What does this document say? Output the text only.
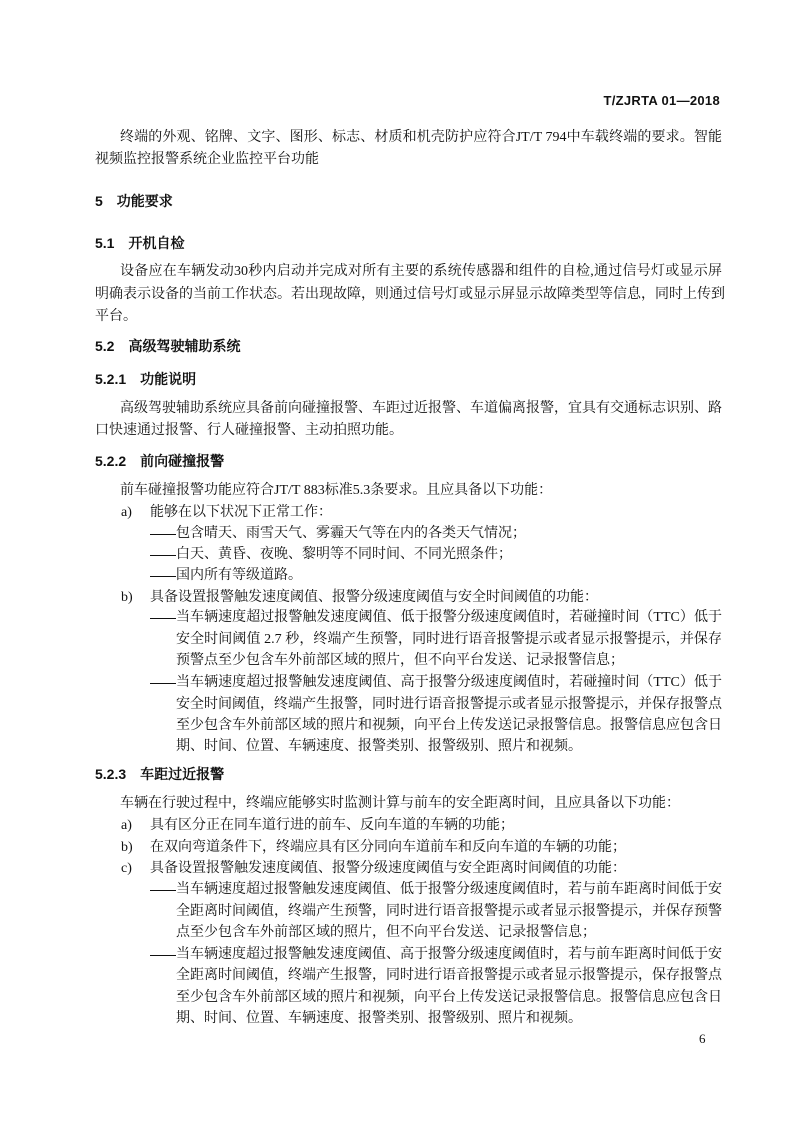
T/ZJRTA 01—2018
终端的外观、铭牌、文字、图形、标志、材质和机壳防护应符合JT/T 794中车载终端的要求。智能
视频监控报警系统企业监控平台功能
5 功能要求
5.1 开机自检
设备应在车辆发动30秒内启动并完成对所有主要的系统传感器和组件的自检,通过信号灯或显示屏
明确表示设备的当前工作状态。若出现故障，则通过信号灯或显示屏显示故障类型等信息，同时上传到
平台。
5.2 高级驾驶辅助系统
5.2.1 功能说明
高级驾驶辅助系统应具备前向碰撞报警、车距过近报警、车道偏离报警，宜具有交通标志识别、路
口快速通过报警、行人碰撞报警、主动拍照功能。
5.2.2 前向碰撞报警
前车碰撞报警功能应符合JT/T 883标准5.3条要求。且应具备以下功能：
a) 能够在以下状况下正常工作：
包含晴天、雨雪天气、雾霾天气等在内的各类天气情况；
白天、黄昏、夜晚、黎明等不同时间、不同光照条件；
国内所有等级道路。
b) 具备设置报警触发速度阈值、报警分级速度阈值与安全时间阈值的功能：
当车辆速度超过报警触发速度阈值、低于报警分级速度阈值时，若碰撞时间（TTC）低于
安全时间阈值 2.7 秒，终端产生预警，同时进行语音报警提示或者显示报警提示，并保存
预警点至少包含车外前部区域的照片，但不向平台发送、记录报警信息；
当车辆速度超过报警触发速度阈值、高于报警分级速度阈值时，若碰撞时间（TTC）低于
安全时间阈值，终端产生报警，同时进行语音报警提示或者显示报警提示，并保存报警点
至少包含车外前部区域的照片和视频，向平台上传发送记录报警信息。报警信息应包含日
期、时间、位置、车辆速度、报警类别、报警级别、照片和视频。
5.2.3 车距过近报警
车辆在行驶过程中，终端应能够实时监测计算与前车的安全距离时间，且应具备以下功能：
a) 具有区分正在同车道行进的前车、反向车道的车辆的功能；
b) 在双向弯道条件下，终端应具有区分同向车道前车和反向车道的车辆的功能；
c) 具备设置报警触发速度阈值、报警分级速度阈值与安全距离时间阈值的功能：
当车辆速度超过报警触发速度阈值、低于报警分级速度阈值时，若与前车距离时间低于安
全距离时间阈值，终端产生预警，同时进行语音报警提示或者显示报警提示，并保存预警
点至少包含车外前部区域的照片，但不向平台发送、记录报警信息；
当车辆速度超过报警触发速度阈值、高于报警分级速度阈值时，若与前车距离时间低于安
全距离时间阈值，终端产生报警，同时进行语音报警提示或者显示报警提示，保存报警点
至少包含车外前部区域的照片和视频，向平台上传发送记录报警信息。报警信息应包含日
期、时间、位置、车辆速度、报警类别、报警级别、照片和视频。
6
